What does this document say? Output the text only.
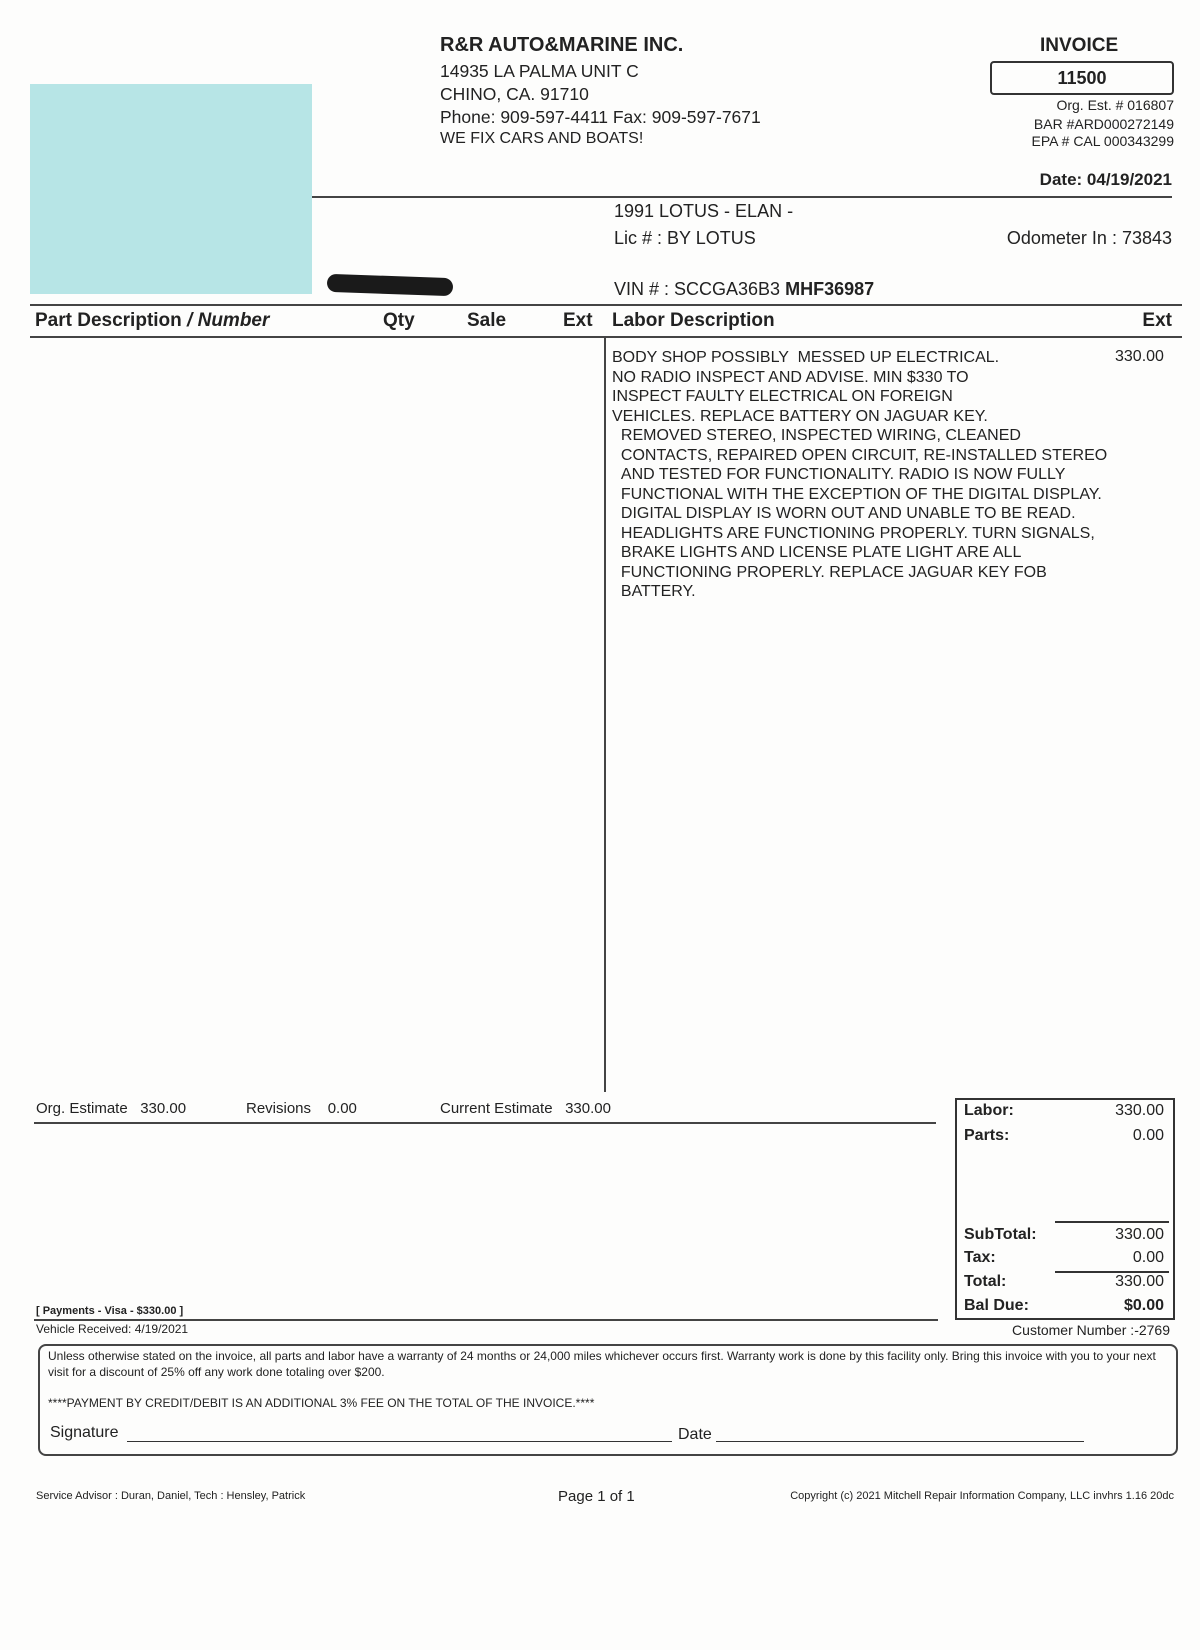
R&R AUTO&MARINE INC.
14935 LA PALMA UNIT C
CHINO, CA. 91710
Phone: 909-597-4411 Fax: 909-597-7671
WE FIX CARS AND BOATS!
INVOICE
11500
Org. Est. # 016807
BAR #ARD000272149
EPA # CAL 000343299
Date: 04/19/2021
1991 LOTUS - ELAN -
Lic # : BY LOTUS	Odometer In : 73843
VIN # : SCCGA36B3 MHF36987
Part Description / Number	Qty	Sale	Ext Labor Description	Ext
BODY SHOP POSSIBLY  MESSED UP ELECTRICAL.
NO RADIO INSPECT AND ADVISE. MIN $330 TO
INSPECT FAULTY ELECTRICAL ON FOREIGN
VEHICLES. REPLACE BATTERY ON JAGUAR KEY.
REMOVED STEREO, INSPECTED WIRING, CLEANED
CONTACTS, REPAIRED OPEN CIRCUIT, RE-INSTALLED STEREO
AND TESTED FOR FUNCTIONALITY. RADIO IS NOW FULLY
FUNCTIONAL WITH THE EXCEPTION OF THE DIGITAL DISPLAY.
DIGITAL DISPLAY IS WORN OUT AND UNABLE TO BE READ.
HEADLIGHTS ARE FUNCTIONING PROPERLY. TURN SIGNALS,
BRAKE LIGHTS AND LICENSE PLATE LIGHT ARE ALL
FUNCTIONING PROPERLY. REPLACE JAGUAR KEY FOB
BATTERY.
330.00
Org. Estimate 330.00	Revisions 0.00	Current Estimate 330.00	Labor:	330.00
Parts:	0.00
SubTotal:	330.00
Tax:	0.00
Total:	330.00
Bal Due:	$0.00
[ Payments - Visa - $330.00 ]
Vehicle Received: 4/19/2021	Customer Number :-2769
Unless otherwise stated on the invoice, all parts and labor have a warranty of 24 months or 24,000 miles whichever occurs first. Warranty work is done by this facility only. Bring this invoice with you to your next visit for a discount of 25% off any work done totaling over $200.
****PAYMENT BY CREDIT/DEBIT IS AN ADDITIONAL 3% FEE ON THE TOTAL OF THE INVOICE.****
Signature	Date
Service Advisor : Duran, Daniel, Tech : Hensley, Patrick	Page 1 of 1	Copyright (c) 2021 Mitchell Repair Information Company, LLC invhrs 1.16 20dc
